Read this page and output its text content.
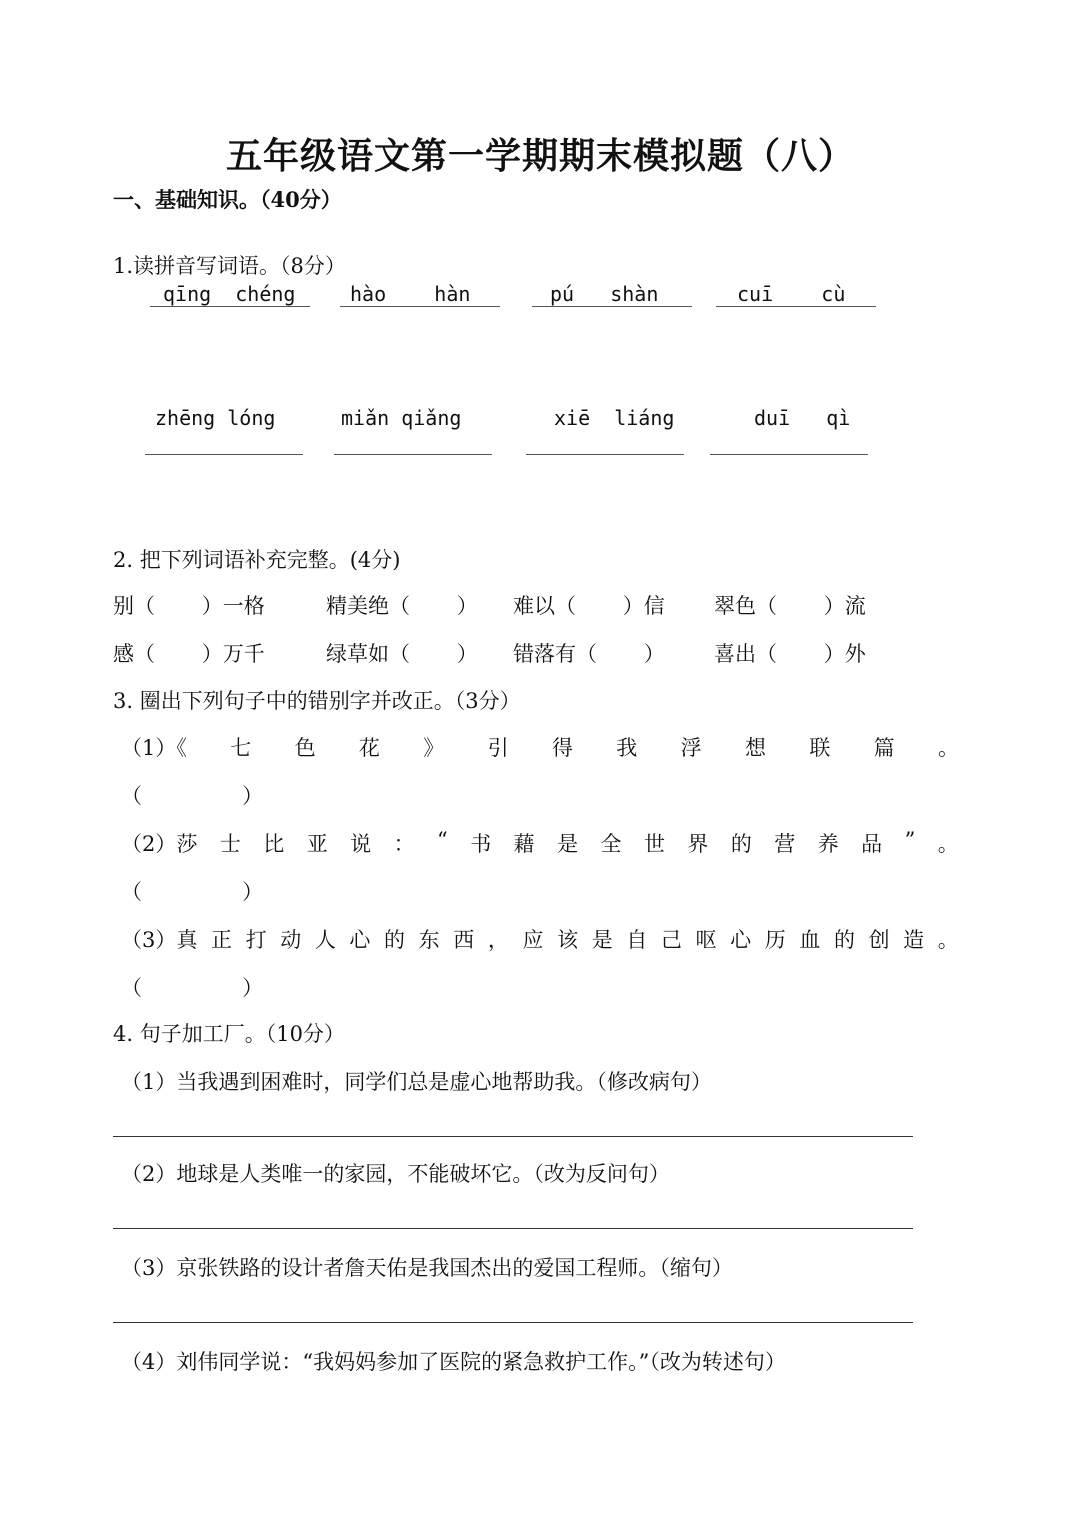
五年级语文第一学期期末模拟题（八）
一、基础知识。（40分）
1.读拼音写词语。（8分）
qīng  chéng	hào    hàn	pú   shàn	cuī    cù
zhēng lóng	miǎn qiǎng	xiē  liáng	duī   qì
2. 把下列词语补充完整。(4分)
别（       ）一格	精美绝（       ） 难以（       ）信 翠色（       ）流
感（       ）万千	绿草如（       ） 错落有（       ） 喜出（       ）外
3. 圈出下列句子中的错别字并改正。（3分）
（1）《 七 色 花 》 引 得 我 浮 想 联 篇 。
（               ）
（2）莎 士 比 亚 说 ： “ 书 藉 是 全 世 界 的 营 养 品 ” 。
（               ）
（3）真 正 打 动 人 心 的 东 西 ， 应 该 是 自 己 呕 心 历 血 的 创 造 。
（               ）
4. 句子加工厂。（10分）
（1）当我遇到困难时，同学们总是虚心地帮助我。（修改病句）
（2）地球是人类唯一的家园，不能破坏它。（改为反问句）
（3）京张铁路的设计者詹天佑是我国杰出的爱国工程师。（缩句）
（4）刘伟同学说：“我妈妈参加了医院的紧急救护工作。”（改为转述句）
